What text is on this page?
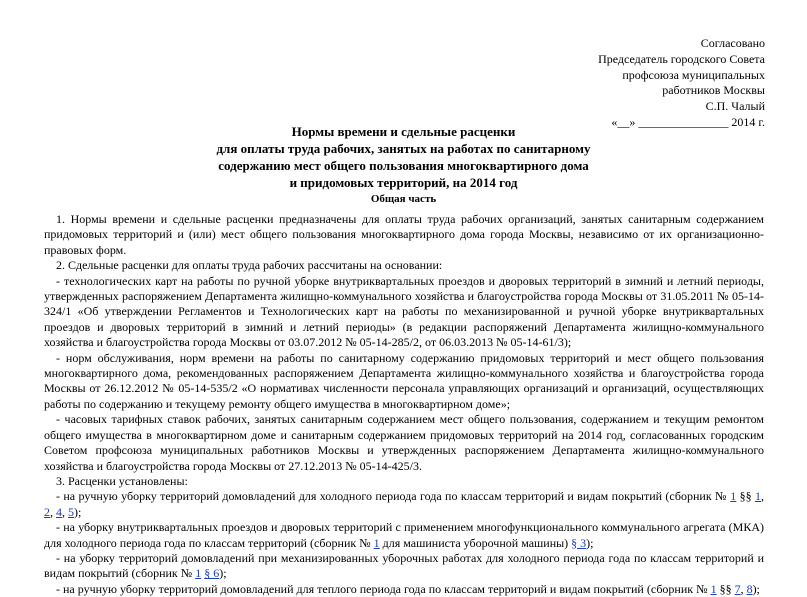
Согласовано
Председатель городского Совета
профсоюза муниципальных
работников Москвы
С.П. Чалый
«__» _______________ 2014 г.
Нормы времени и сдельные расценки
для оплаты труда рабочих, занятых на работах по санитарному
содержанию мест общего пользования многоквартирного дома
и придомовых территорий, на 2014 год
Общая часть

1. Нормы времени и сдельные расценки предназначены для оплаты труда рабочих организаций, занятых санитарным содержанием придомовых территорий и (или) мест общего пользования многоквартирного дома города Москвы, независимо от их организационно-правовых форм.

2. Сдельные расценки для оплаты труда рабочих рассчитаны на основании:

- технологических карт на работы по ручной уборке внутриквартальных проездов и дворовых территорий в зимний и летний периоды, утвержденных распоряжением Департамента жилищно-коммунального хозяйства и благоустройства города Москвы от 31.05.2011 № 05-14-324/1 «Об утверждении Регламентов и Технологических карт на работы по механизированной и ручной уборке внутриквартальных проездов и дворовых территорий в зимний и летний периоды» (в редакции распоряжений Департамента жилищно-коммунального хозяйства и благоустройства города Москвы от 03.07.2012 № 05-14-285/2, от 06.03.2013 № 05-14-61/3);

- норм обслуживания, норм времени на работы по санитарному содержанию придомовых территорий и мест общего пользования многоквартирного дома, рекомендованных распоряжением Департамента жилищно-коммунального хозяйства и благоустройства города Москвы от 26.12.2012 № 05-14-535/2 «О нормативах численности персонала управляющих организаций и организаций, осуществляющих работы по содержанию и текущему ремонту общего имущества в многоквартирном доме»;

- часовых тарифных ставок рабочих, занятых санитарным содержанием мест общего пользования, содержанием и текущим ремонтом общего имущества в многоквартирном доме и санитарным содержанием придомовых территорий на 2014 год, согласованных городским Советом профсоюза муниципальных работников Москвы и утвержденных распоряжением Департамента жилищно-коммунального хозяйства и благоустройства города Москвы от 27.12.2013 № 05-14-425/3.

3. Расценки установлены:

- на ручную уборку территорий домовладений для холодного периода года по классам территорий и видам покрытий (сборник № 1 §§ 1, 2, 4, 5);

- на уборку внутриквартальных проездов и дворовых территорий с применением многофункционального коммунального агрегата (МКА) для холодного периода года по классам территорий (сборник № 1 для машиниста уборочной машины) § 3);

- на уборку территорий домовладений при механизированных уборочных работах для холодного периода года по классам территорий и видам покрытий (сборник № 1 § 6);

- на ручную уборку территорий домовладений для теплого периода года по классам территорий и видам покрытий (сборник № 1 §§ 7, 8);
